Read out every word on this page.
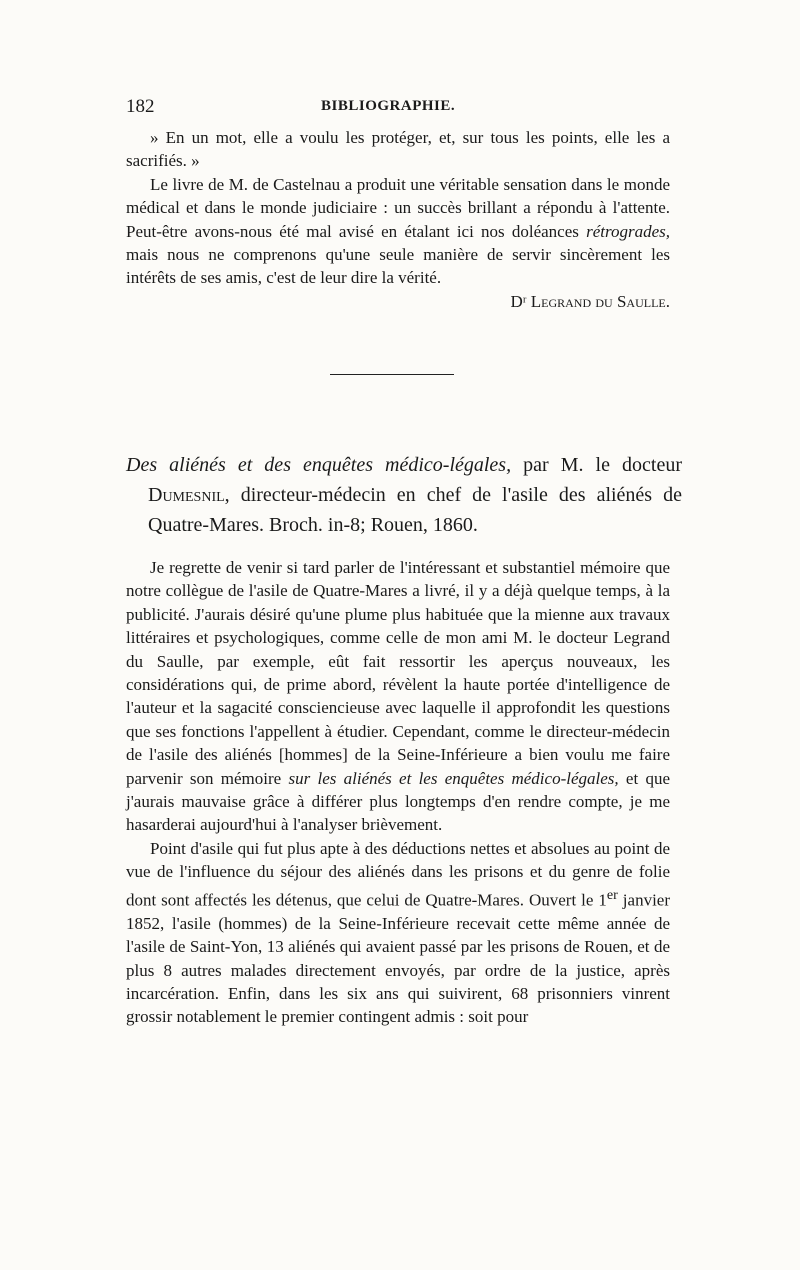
182	BIBLIOGRAPHIE.

» En un mot, elle a voulu les protéger, et, sur tous les points, elle les a sacrifiés. »

Le livre de M. de Castelnau a produit une véritable sensation dans le monde médical et dans le monde judiciaire : un succès brillant a répondu à l'attente. Peut-être avons-nous été mal avisé en étalant ici nos doléances rétrogrades, mais nous ne comprenons qu'une seule manière de servir sincèrement les intérêts de ses amis, c'est de leur dire la vérité.
Dʳ Legrand du Saulle.

Des aliénés et des enquêtes médico-légales, par M. le docteur Dumesnil, directeur-médecin en chef de l'asile des aliénés de Quatre-Mares. Broch. in-8; Rouen, 1860.

Je regrette de venir si tard parler de l'intéressant et substantiel mémoire que notre collègue de l'asile de Quatre-Mares a livré, il y a déjà quelque temps, à la publicité. J'aurais désiré qu'une plume plus habituée que la mienne aux travaux littéraires et psychologiques, comme celle de mon ami M. le docteur Legrand du Saulle, par exemple, eût fait ressortir les aperçus nouveaux, les considérations qui, de prime abord, révèlent la haute portée d'intelligence de l'auteur et la sagacité consciencieuse avec laquelle il approfondit les questions que ses fonctions l'appellent à étudier. Cependant, comme le directeur-médecin de l'asile des aliénés [hommes] de la Seine-Inférieure a bien voulu me faire parvenir son mémoire sur les aliénés et les enquêtes médico-légales, et que j'aurais mauvaise grâce à différer plus longtemps d'en rendre compte, je me hasarderai aujourd'hui à l'analyser brièvement.

Point d'asile qui fut plus apte à des déductions nettes et absolues au point de vue de l'influence du séjour des aliénés dans les prisons et du genre de folie dont sont affectés les détenus, que celui de Quatre-Mares. Ouvert le 1er janvier 1852, l'asile (hommes) de la Seine-Inférieure recevait cette même année de l'asile de Saint-Yon, 13 aliénés qui avaient passé par les prisons de Rouen, et de plus 8 autres malades directement envoyés, par ordre de la justice, après incarcération. Enfin, dans les six ans qui suivirent, 68 prisonniers vinrent grossir notablement le premier contingent admis : soit pour
